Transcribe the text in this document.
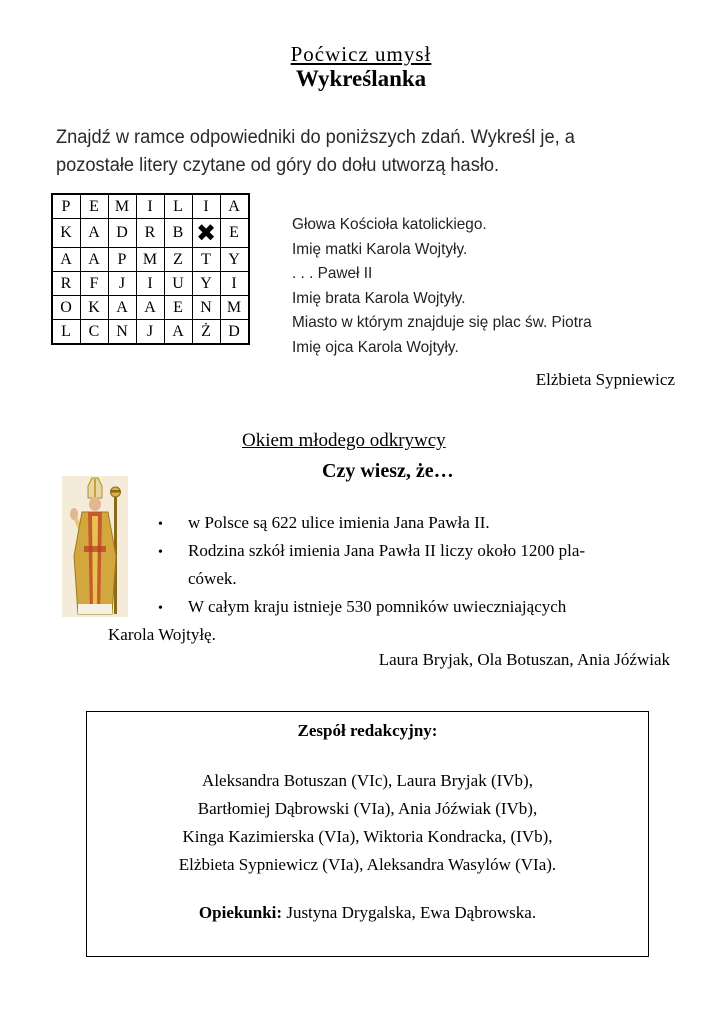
Poćwicz umysł
Wykreślanka
Znajdź w ramce odpowiedniki do poniższych zdań. Wykreśl je, a
pozostałe litery czytane od góry do dołu utworzą hasło.
P	E	M	I	L	I	A
K	A	D	R	B	✖	E
A	A	P	M	Z	T	Y
R	F	J	I	U	Y	I
O	K	A	A	E	N	M
L	C	N	J	A	Ż	D
Głowa Kościoła katolickiego.
Imię matki Karola Wojtyły.
. . . Paweł II
Imię brata Karola Wojtyły.
Miasto w którym znajduje się plac św. Piotra
Imię ojca Karola Wojtyły.
Elżbieta Sypniewicz
Okiem młodego odkrywcy
Czy wiesz, że…
• w Polsce są 622 ulice imienia Jana Pawła II.
• Rodzina szkół imienia Jana Pawła II liczy około 1200 pla-
cówek.
• W całym kraju istnieje 530 pomników uwieczniających
Karola Wojtyłę.
Laura Bryjak, Ola Botuszan, Ania Jóźwiak
Zespół redakcyjny:
Aleksandra Botuszan (VIc), Laura Bryjak (IVb),
Bartłomiej Dąbrowski (VIa), Ania Jóźwiak (IVb),
Kinga Kazimierska (VIa), Wiktoria Kondracka, (IVb),
Elżbieta Sypniewicz (VIa), Aleksandra Wasylów (VIa).
Opiekunki: Justyna Drygalska, Ewa Dąbrowska.
